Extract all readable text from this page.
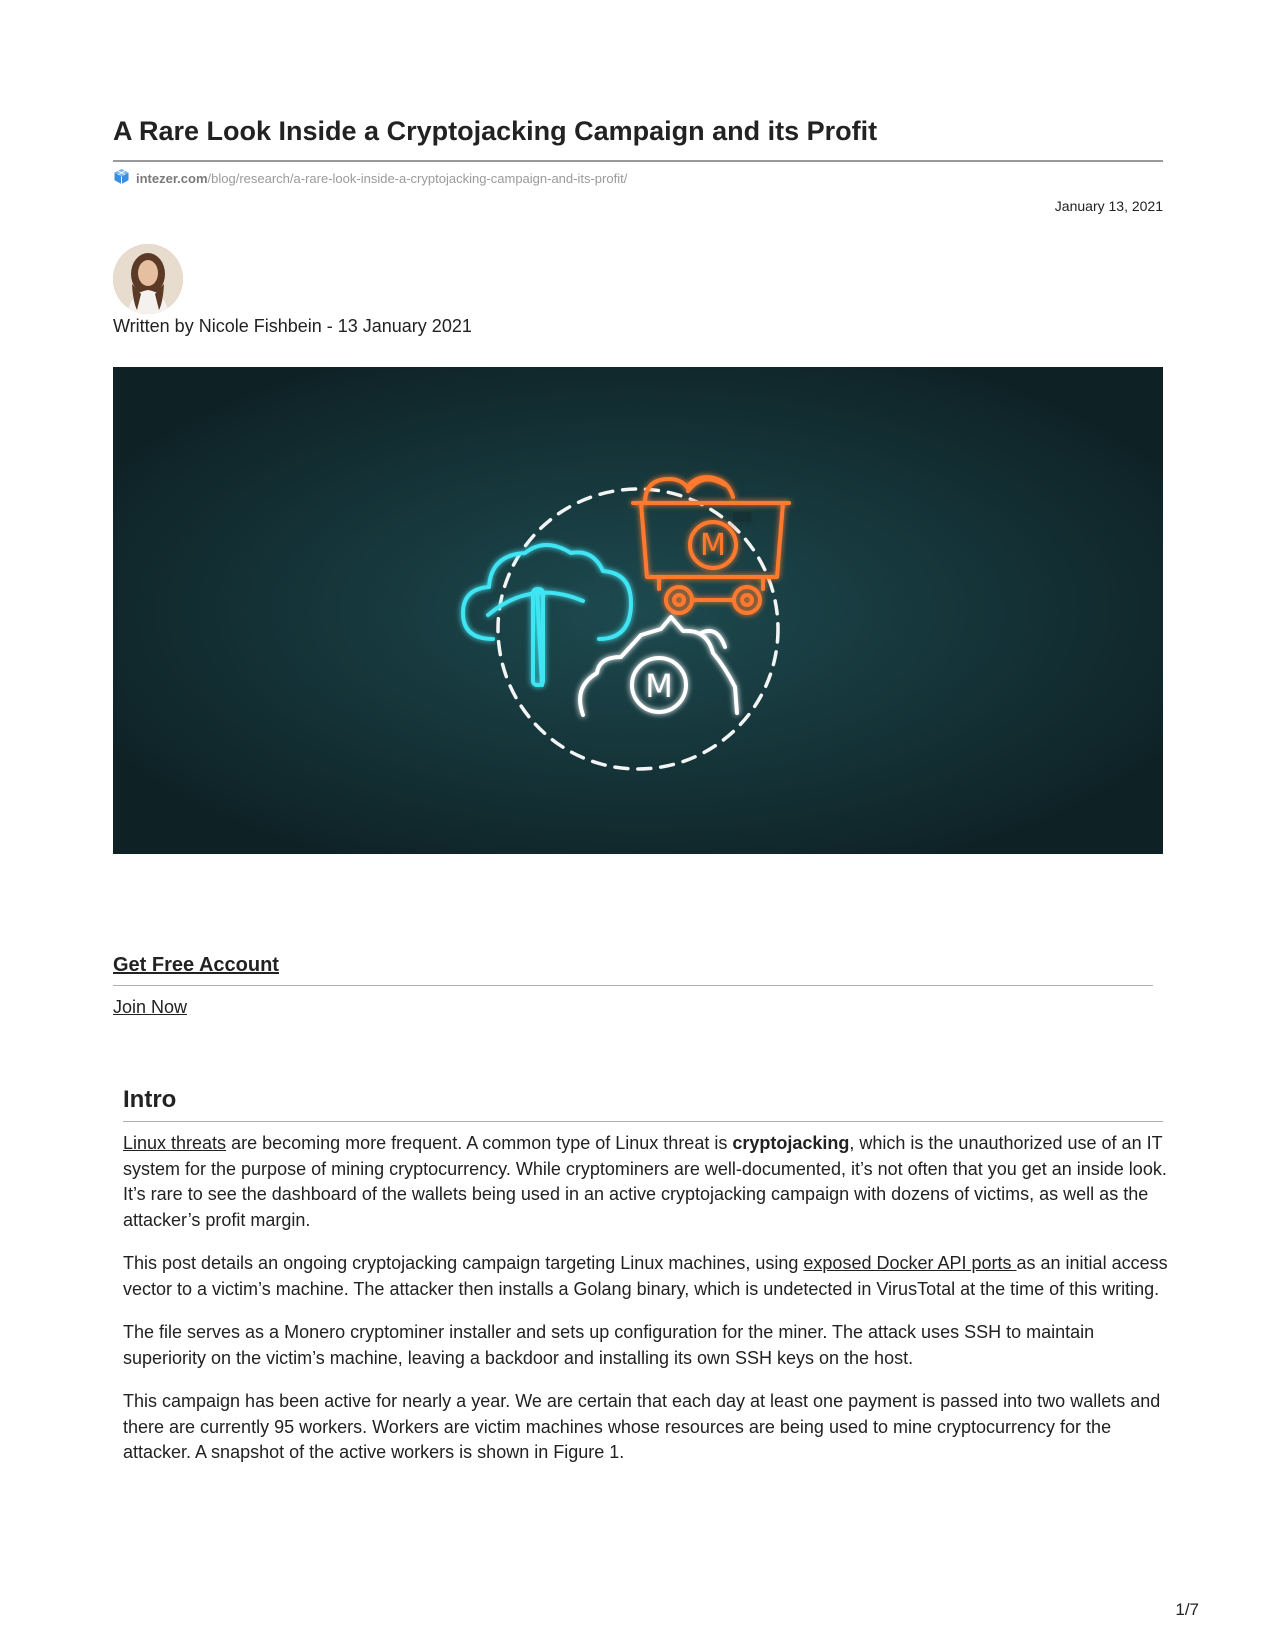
A Rare Look Inside a Cryptojacking Campaign and its Profit
intezer.com/blog/research/a-rare-look-inside-a-cryptojacking-campaign-and-its-profit/
January 13, 2021
Written by Nicole Fishbein - 13 January 2021
M
M
Get Free Account
Join Now
Intro

Linux threats are becoming more frequent. A common type of Linux threat is cryptojacking, which is the unauthorized use of an IT system for the purpose of mining cryptocurrency. While cryptominers are well-documented, it’s not often that you get an inside look. It’s rare to see the dashboard of the wallets being used in an active cryptojacking campaign with dozens of victims, as well as the attacker’s profit margin.

This post details an ongoing cryptojacking campaign targeting Linux machines, using exposed Docker API ports as an initial access vector to a victim’s machine. The attacker then installs a Golang binary, which is undetected in VirusTotal at the time of this writing.

The file serves as a Monero cryptominer installer and sets up configuration for the miner. The attack uses SSH to maintain superiority on the victim’s machine, leaving a backdoor and installing its own SSH keys on the host.

This campaign has been active for nearly a year. We are certain that each day at least one payment is passed into two wallets and there are currently 95 workers. Workers are victim machines whose resources are being used to mine cryptocurrency for the attacker. A snapshot of the active workers is shown in Figure 1.

1/7
